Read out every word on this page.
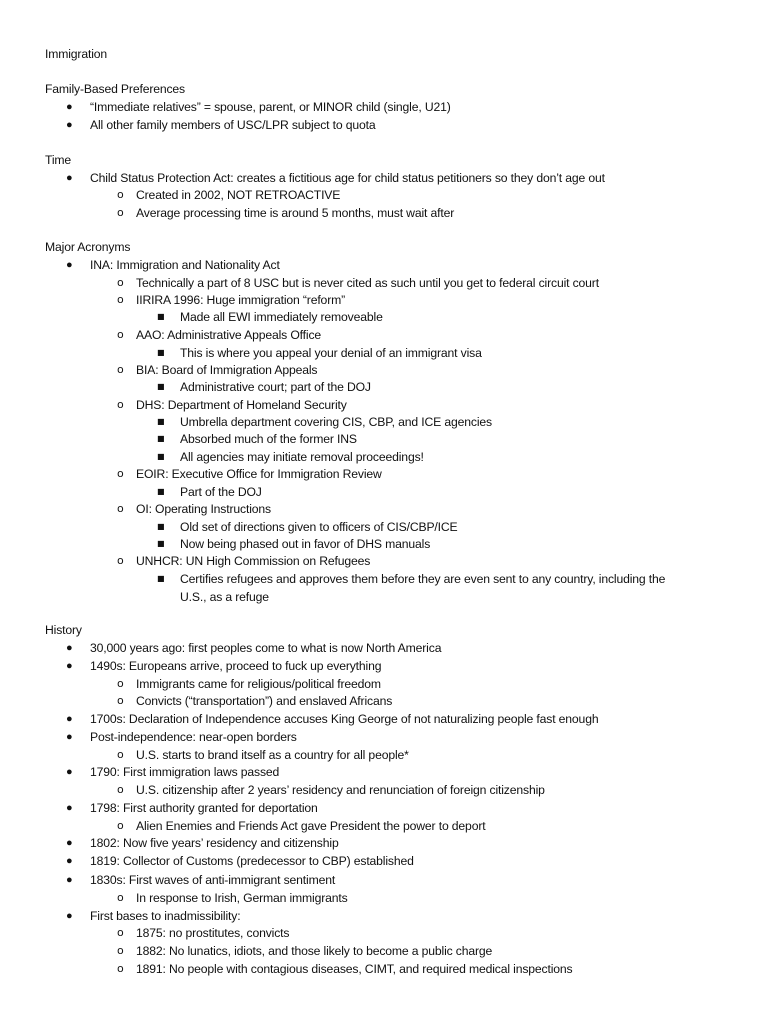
Immigration
Family-Based Preferences
● “Immediate relatives” = spouse, parent, or MINOR child (single, U21)
● All other family members of USC/LPR subject to quota
Time
● Child Status Protection Act: creates a fictitious age for child status petitioners so they don’t age out
o Created in 2002, NOT RETROACTIVE
o Average processing time is around 5 months, must wait after
Major Acronyms
● INA: Immigration and Nationality Act
o Technically a part of 8 USC but is never cited as such until you get to federal circuit court
o IIRIRA 1996: Huge immigration “reform”
■ Made all EWI immediately removeable
o AAO: Administrative Appeals Office
■ This is where you appeal your denial of an immigrant visa
o BIA: Board of Immigration Appeals
■ Administrative court; part of the DOJ
o DHS: Department of Homeland Security
■ Umbrella department covering CIS, CBP, and ICE agencies
■ Absorbed much of the former INS
■ All agencies may initiate removal proceedings!
o EOIR: Executive Office for Immigration Review
■ Part of the DOJ
o OI: Operating Instructions
■ Old set of directions given to officers of CIS/CBP/ICE
■ Now being phased out in favor of DHS manuals
o UNHCR: UN High Commission on Refugees
■ Certifies refugees and approves them before they are even sent to any country, including the
U.S., as a refuge
History
● 30,000 years ago: first peoples come to what is now North America
● 1490s: Europeans arrive, proceed to fuck up everything
o Immigrants came for religious/political freedom
o Convicts (“transportation”) and enslaved Africans
● 1700s: Declaration of Independence accuses King George of not naturalizing people fast enough
● Post-independence: near-open borders
o U.S. starts to brand itself as a country for all people*
● 1790: First immigration laws passed
o U.S. citizenship after 2 years’ residency and renunciation of foreign citizenship
● 1798: First authority granted for deportation
o Alien Enemies and Friends Act gave President the power to deport
● 1802: Now five years’ residency and citizenship
● 1819: Collector of Customs (predecessor to CBP) established
● 1830s: First waves of anti-immigrant sentiment
o In response to Irish, German immigrants
● First bases to inadmissibility:
o 1875: no prostitutes, convicts
o 1882: No lunatics, idiots, and those likely to become a public charge
o 1891: No people with contagious diseases, CIMT, and required medical inspections
